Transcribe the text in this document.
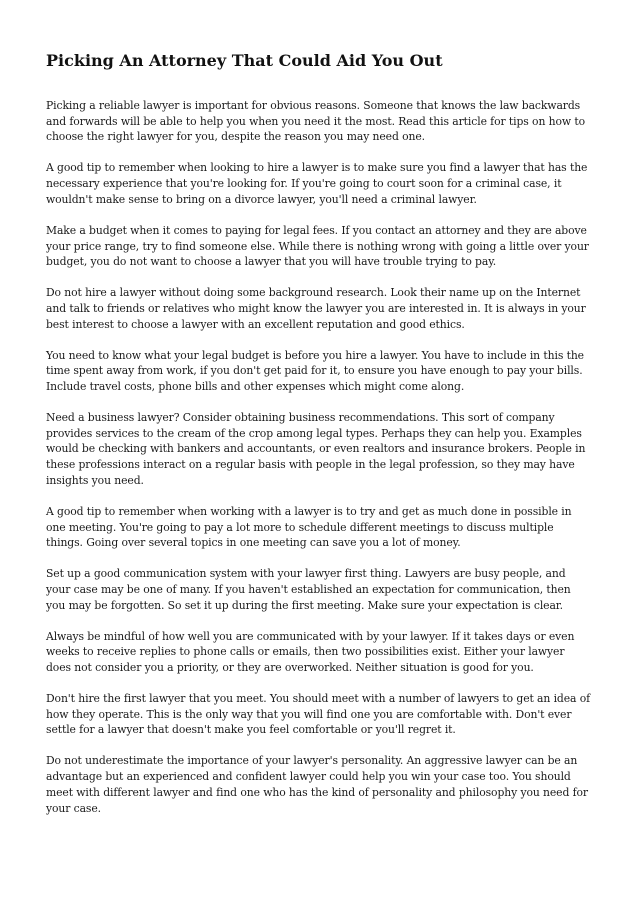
Picking An Attorney That Could Aid You Out

Picking a reliable lawyer is important for obvious reasons. Someone that knows the law backwards and forwards will be able to help you when you need it the most. Read this article for tips on how to choose the right lawyer for you, despite the reason you may need one.

A good tip to remember when looking to hire a lawyer is to make sure you find a lawyer that has the necessary experience that you're looking for. If you're going to court soon for a criminal case, it wouldn't make sense to bring on a divorce lawyer, you'll need a criminal lawyer.

Make a budget when it comes to paying for legal fees. If you contact an attorney and they are above your price range, try to find someone else. While there is nothing wrong with going a little over your budget, you do not want to choose a lawyer that you will have trouble trying to pay.

Do not hire a lawyer without doing some background research. Look their name up on the Internet and talk to friends or relatives who might know the lawyer you are interested in. It is always in your best interest to choose a lawyer with an excellent reputation and good ethics.

You need to know what your legal budget is before you hire a lawyer. You have to include in this the time spent away from work, if you don't get paid for it, to ensure you have enough to pay your bills. Include travel costs, phone bills and other expenses which might come along.

Need a business lawyer? Consider obtaining business recommendations. This sort of company provides services to the cream of the crop among legal types. Perhaps they can help you. Examples would be checking with bankers and accountants, or even realtors and insurance brokers. People in these professions interact on a regular basis with people in the legal profession, so they may have insights you need.

A good tip to remember when working with a lawyer is to try and get as much done in possible in one meeting. You're going to pay a lot more to schedule different meetings to discuss multiple things. Going over several topics in one meeting can save you a lot of money.

Set up a good communication system with your lawyer first thing. Lawyers are busy people, and your case may be one of many. If you haven't established an expectation for communication, then you may be forgotten. So set it up during the first meeting. Make sure your expectation is clear.

Always be mindful of how well you are communicated with by your lawyer. If it takes days or even weeks to receive replies to phone calls or emails, then two possibilities exist. Either your lawyer does not consider you a priority, or they are overworked. Neither situation is good for you.

Don't hire the first lawyer that you meet. You should meet with a number of lawyers to get an idea of how they operate. This is the only way that you will find one you are comfortable with. Don't ever settle for a lawyer that doesn't make you feel comfortable or you'll regret it.

Do not underestimate the importance of your lawyer's personality. An aggressive lawyer can be an advantage but an experienced and confident lawyer could help you win your case too. You should meet with different lawyer and find one who has the kind of personality and philosophy you need for your case.
